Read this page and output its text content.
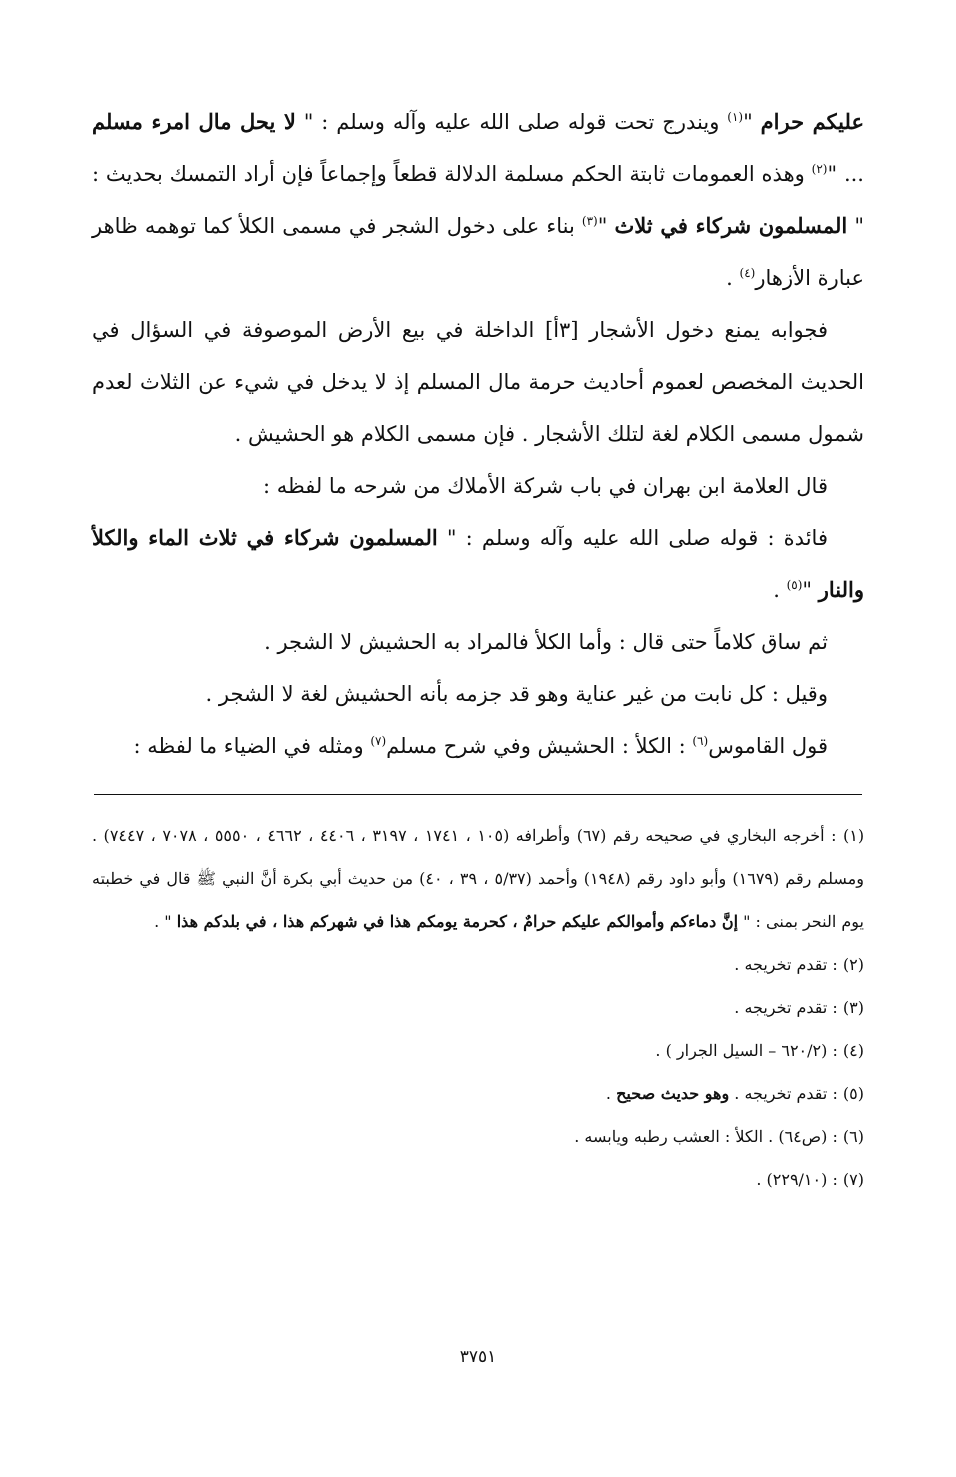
عليكم حرام "$^{(١)}$ ويندرج تحت قوله صلى الله عليه وآله وسلم : " لا يحل مال امرء مسلم ... "$^{(٢)}$ وهذه العمومات ثابتة الحكم مسلمة الدلالة قطعاً وإجماعاً فإن أراد التمسك بحديث : " المسلمون شركاء في ثلاث "$^{(٣)}$ بناء على دخول الشجر في مسمى الكلأ كما توهمه ظاهر عبارة الأزهار$^{(٤)}$ .

فجوابه يمنع دخول الأشجار [٣أ] الداخلة في بيع الأرض الموصوفة في السؤال في الحديث المخصص لعموم أحاديث حرمة مال المسلم إذ لا يدخل في شيء عن الثلاث لعدم شمول مسمى الكلام لغة لتلك الأشجار . فإن مسمى الكلام هو الحشيش .

قال العلامة ابن بهران في باب شركة الأملاك من شرحه ما لفظه :

فائدة : قوله صلى الله عليه وآله وسلم : " المسلمون شركاء في ثلاث الماء والكلأ والنار "$^{(٥)}$ .

ثم ساق كلاماً حتى قال : وأما الكلأ فالمراد به الحشيش لا الشجر .

وقيل : كل نابت من غير عناية وهو قد جزمه بأنه الحشيش لغة لا الشجر .

قول القاموس$^{(٦)}$ : الكلأ : الحشيش وفي شرح مسلم$^{(٧)}$ ومثله في الضياء ما لفظه :

(١) : أخرجه البخاري في صحيحه رقم (٦٧) وأطرافه (١٠٥ ، ١٧٤١ ، ٣١٩٧ ، ٤٤٠٦ ، ٤٦٦٢ ، ٥٥٥٠ ، ٧٠٧٨ ، ٧٤٤٧) . ومسلم رقم (١٦٧٩) وأبو داود رقم (١٩٤٨) وأحمد (٥/٣٧ ، ٣٩ ، ٤٠) من حديث أبي بكرة أنَّ النبي ﷺ قال في خطبته يوم النحر بمنى : " إنَّ دماءكم وأموالكم عليكم حرامٌ ، كحرمة يومكم هذا في شهركم هذا ، في بلدكم هذا " .

(٢) : تقدم تخريجه .

(٣) : تقدم تخريجه .

(٤) : (٦٢٠/٢ – السيل الجرار ) .

(٥) : تقدم تخريجه . وهو حديث صحيح .

(٦) : (ص٦٤) . الكلأ : العشب رطبه ويابسه .

(٧) : (٢٢٩/١٠) .

٣٧٥١
